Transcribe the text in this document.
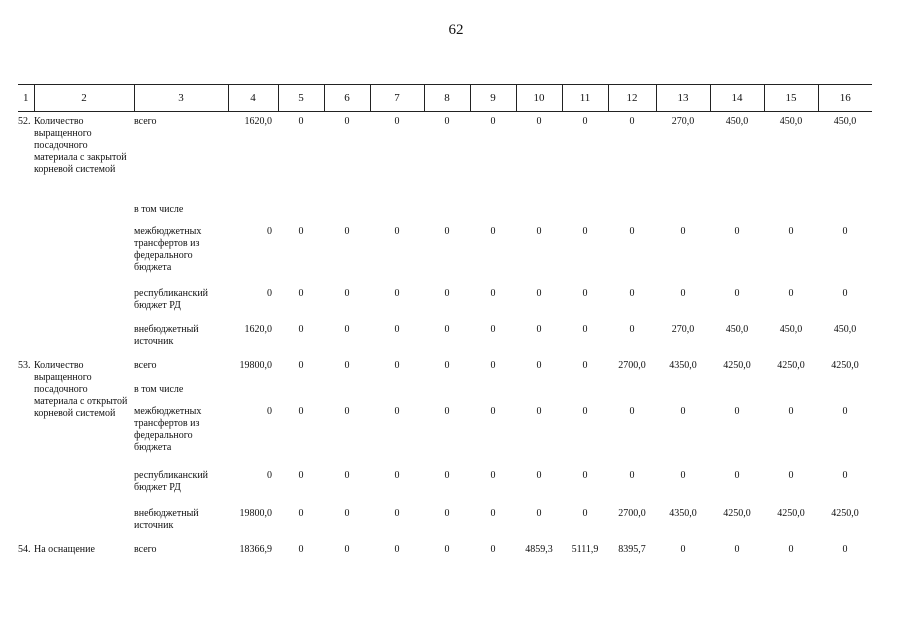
62
1	2	3	4	5	6	7	8	9	10	11	12	13	14	15	16
52.	Количество выращенного посадочного материала с закрытой корневой системой	всего	1620,0	0	0	0	0	0	0	0	0	270,0	450,0	450,0	450,0
		в том числе													
		межбюджетных трансфертов из федерального бюджета	0	0	0	0	0	0	0	0	0	0	0	0	0
		республиканский бюджет РД	0	0	0	0	0	0	0	0	0	0	0	0	0
		внебюджетный источник	1620,0	0	0	0	0	0	0	0	0	270,0	450,0	450,0	450,0
53.	Количество выращенного посадочного материала с открытой корневой системой	всего	19800,0	0	0	0	0	0	0	0	2700,0	4350,0	4250,0	4250,0	4250,0
		в том числе													
		межбюджетных трансфертов из федерального бюджета	0	0	0	0	0	0	0	0	0	0	0	0	0
		республиканский бюджет РД	0	0	0	0	0	0	0	0	0	0	0	0	0
		внебюджетный источник	19800,0	0	0	0	0	0	0	0	2700,0	4350,0	4250,0	4250,0	4250,0
54.	На оснащение	всего	18366,9	0	0	0	0	0	4859,3	5111,9	8395,7	0	0	0	0
